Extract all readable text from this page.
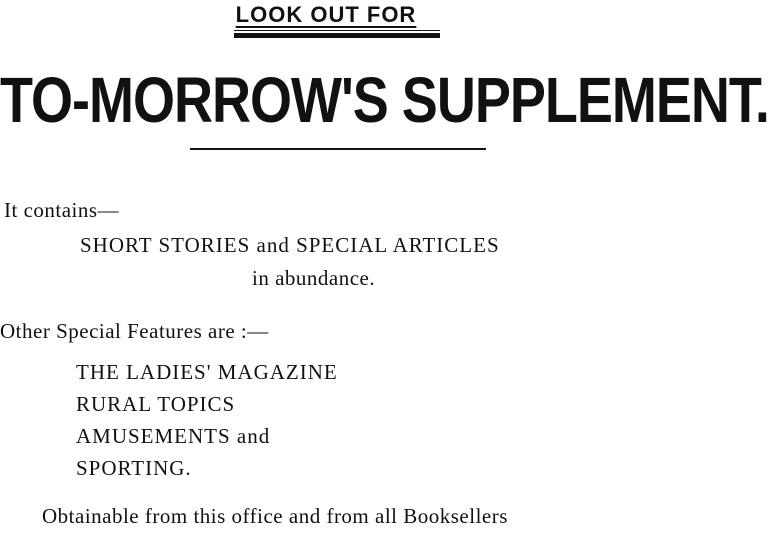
LOOK OUT FOR
TO-MORROW'S SUPPLEMENT.
It contains—
SHORT STORIES and SPECIAL ARTICLES
in abundance.
Other Special Features are :—
THE LADIES' MAGAZINE
RURAL TOPICS
AMUSEMENTS and
SPORTING.
Obtainable from this office and from all Booksellers
